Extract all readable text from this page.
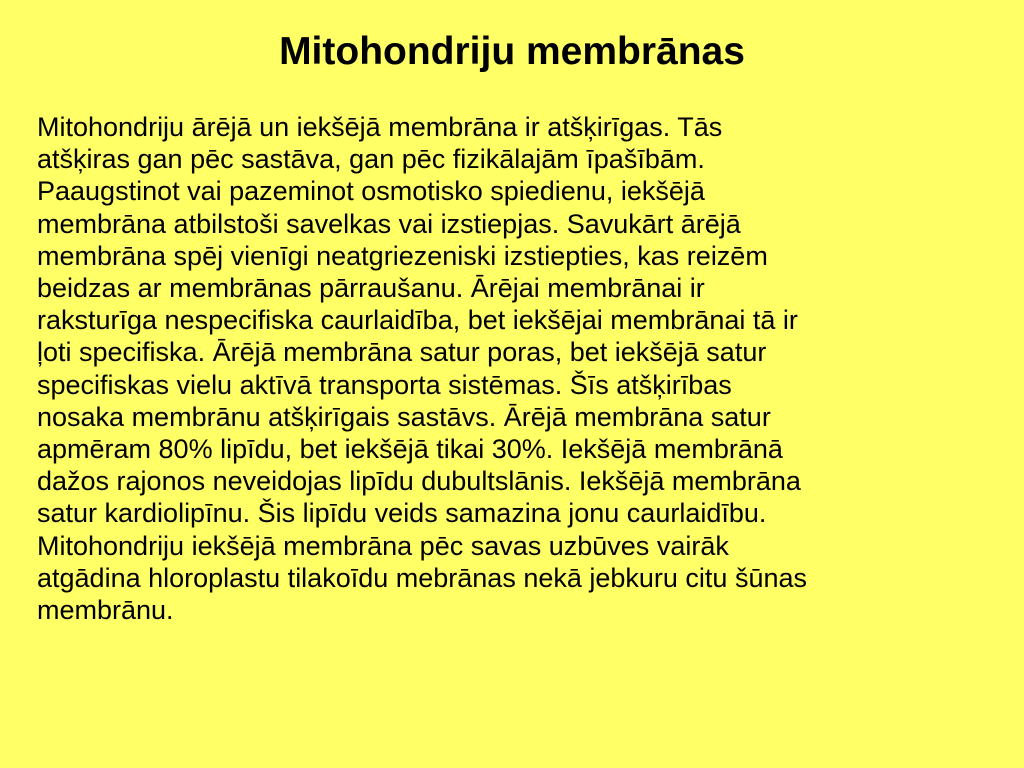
Mitohondriju membrānas
Mitohondriju ārējā un iekšējā membrāna ir atšķirīgas. Tās
atšķiras gan pēc sastāva, gan pēc fizikālajām īpašībām.
Paaugstinot vai pazeminot osmotisko spiedienu, iekšējā
membrāna atbilstoši savelkas vai izstiepjas. Savukārt ārējā
membrāna spēj vienīgi neatgriezeniski izstiepties, kas reizēm
beidzas ar membrānas pārraušanu. Ārējai membrānai ir
raksturīga nespecifiska caurlaidība, bet iekšējai membrānai tā ir
ļoti specifiska. Ārējā membrāna satur poras, bet iekšējā satur
specifiskas vielu aktīvā transporta sistēmas. Šīs atšķirības
nosaka membrānu atšķirīgais sastāvs. Ārējā membrāna satur
apmēram 80% lipīdu, bet iekšējā tikai 30%. Iekšējā membrānā
dažos rajonos neveidojas lipīdu dubultslānis. Iekšējā membrāna
satur kardiolipīnu. Šis lipīdu veids samazina jonu caurlaidību.
Mitohondriju iekšējā membrāna pēc savas uzbūves vairāk
atgādina hloroplastu tilakoīdu mebrānas nekā jebkuru citu šūnas
membrānu.
